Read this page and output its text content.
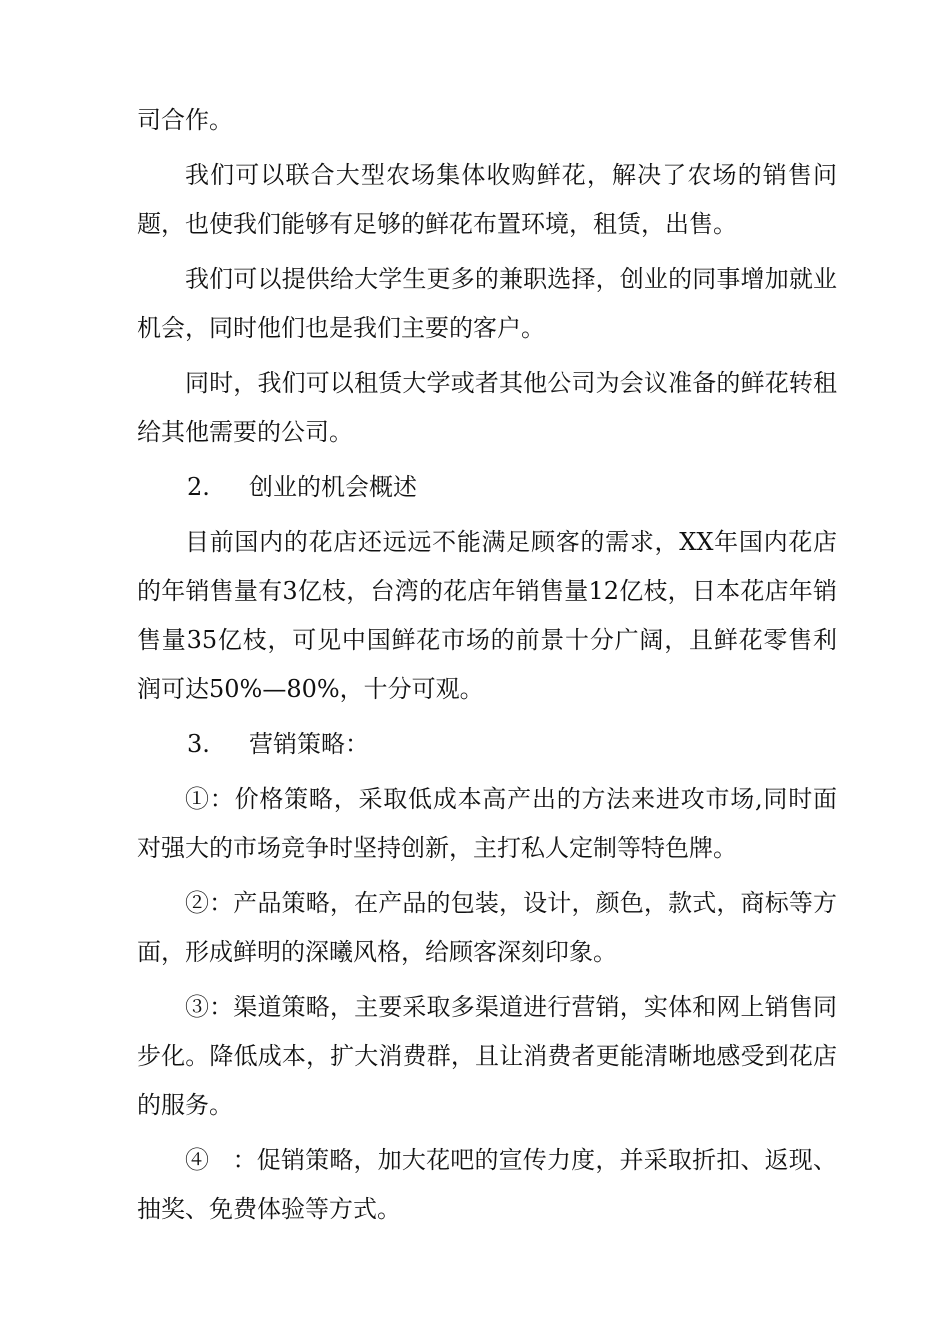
司合作。

我们可以联合大型农场集体收购鲜花，解决了农场的销售问题，也使我们能够有足够的鲜花布置环境，租赁，出售。

我们可以提供给大学生更多的兼职选择，创业的同事增加就业机会，同时他们也是我们主要的客户。

同时，我们可以租赁大学或者其他公司为会议准备的鲜花转租给其他需要的公司。

2. 创业的机会概述

目前国内的花店还远远不能满足顾客的需求，XX年国内花店的年销售量有3亿枝，台湾的花店年销售量12亿枝，日本花店年销售量35亿枝，可见中国鲜花市场的前景十分广阔，且鲜花零售利润可达50%—80%，十分可观。

3. 营销策略：

①：价格策略，采取低成本高产出的方法来进攻市场,同时面对强大的市场竞争时坚持创新，主打私人定制等特色牌。

②：产品策略，在产品的包装，设计，颜色，款式，商标等方面，形成鲜明的深曦风格，给顾客深刻印象。

③：渠道策略，主要采取多渠道进行营销，实体和网上销售同步化。降低成本，扩大消费群，且让消费者更能清晰地感受到花店的服务。

④   ：促销策略，加大花吧的宣传力度，并采取折扣、返现、抽奖、免费体验等方式。
